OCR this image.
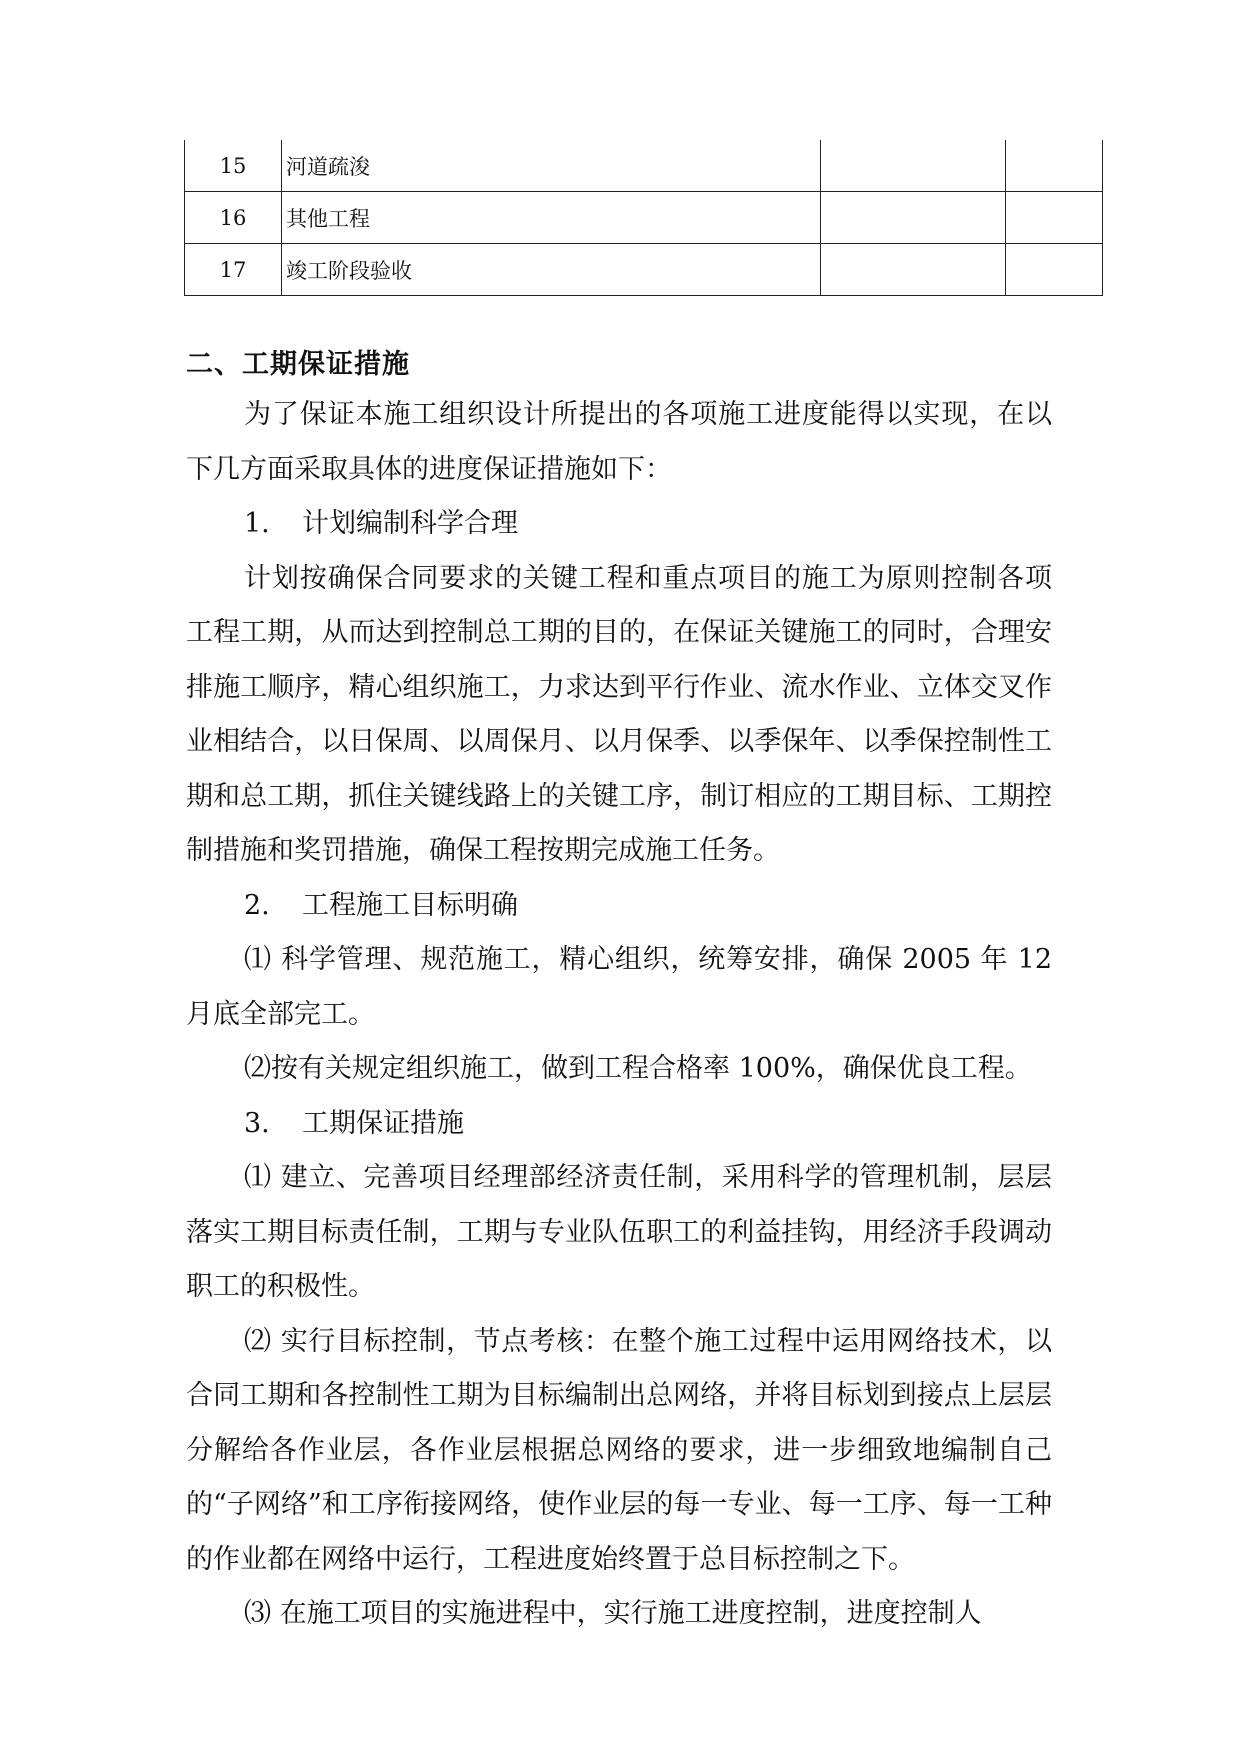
15	河道疏浚		
16	其他工程		
17	竣工阶段验收		
二、工期保证措施

为了保证本施工组织设计所提出的各项施工进度能得以实现，在以下几方面采取具体的进度保证措施如下：

1. 计划编制科学合理

计划按确保合同要求的关键工程和重点项目的施工为原则控制各项工程工期，从而达到控制总工期的目的，在保证关键施工的同时，合理安排施工顺序，精心组织施工，力求达到平行作业、流水作业、立体交叉作业相结合，以日保周、以周保月、以月保季、以季保年、以季保控制性工期和总工期，抓住关键线路上的关键工序，制订相应的工期目标、工期控制措施和奖罚措施，确保工程按期完成施工任务。

2. 工程施工目标明确

⑴ 科学管理、规范施工，精心组织，统筹安排，确保 2005 年 12 月底全部完工。

⑵按有关规定组织施工，做到工程合格率 100%，确保优良工程。

3. 工期保证措施

⑴ 建立、完善项目经理部经济责任制，采用科学的管理机制，层层落实工期目标责任制，工期与专业队伍职工的利益挂钩，用经济手段调动职工的积极性。

⑵ 实行目标控制，节点考核：在整个施工过程中运用网络技术，以合同工期和各控制性工期为目标编制出总网络，并将目标划到接点上层层分解给各作业层，各作业层根据总网络的要求，进一步细致地编制自己的“子网络”和工序衔接网络，使作业层的每一专业、每一工序、每一工种的作业都在网络中运行，工程进度始终置于总目标控制之下。

⑶ 在施工项目的实施进程中，实行施工进度控制，进度控制人
